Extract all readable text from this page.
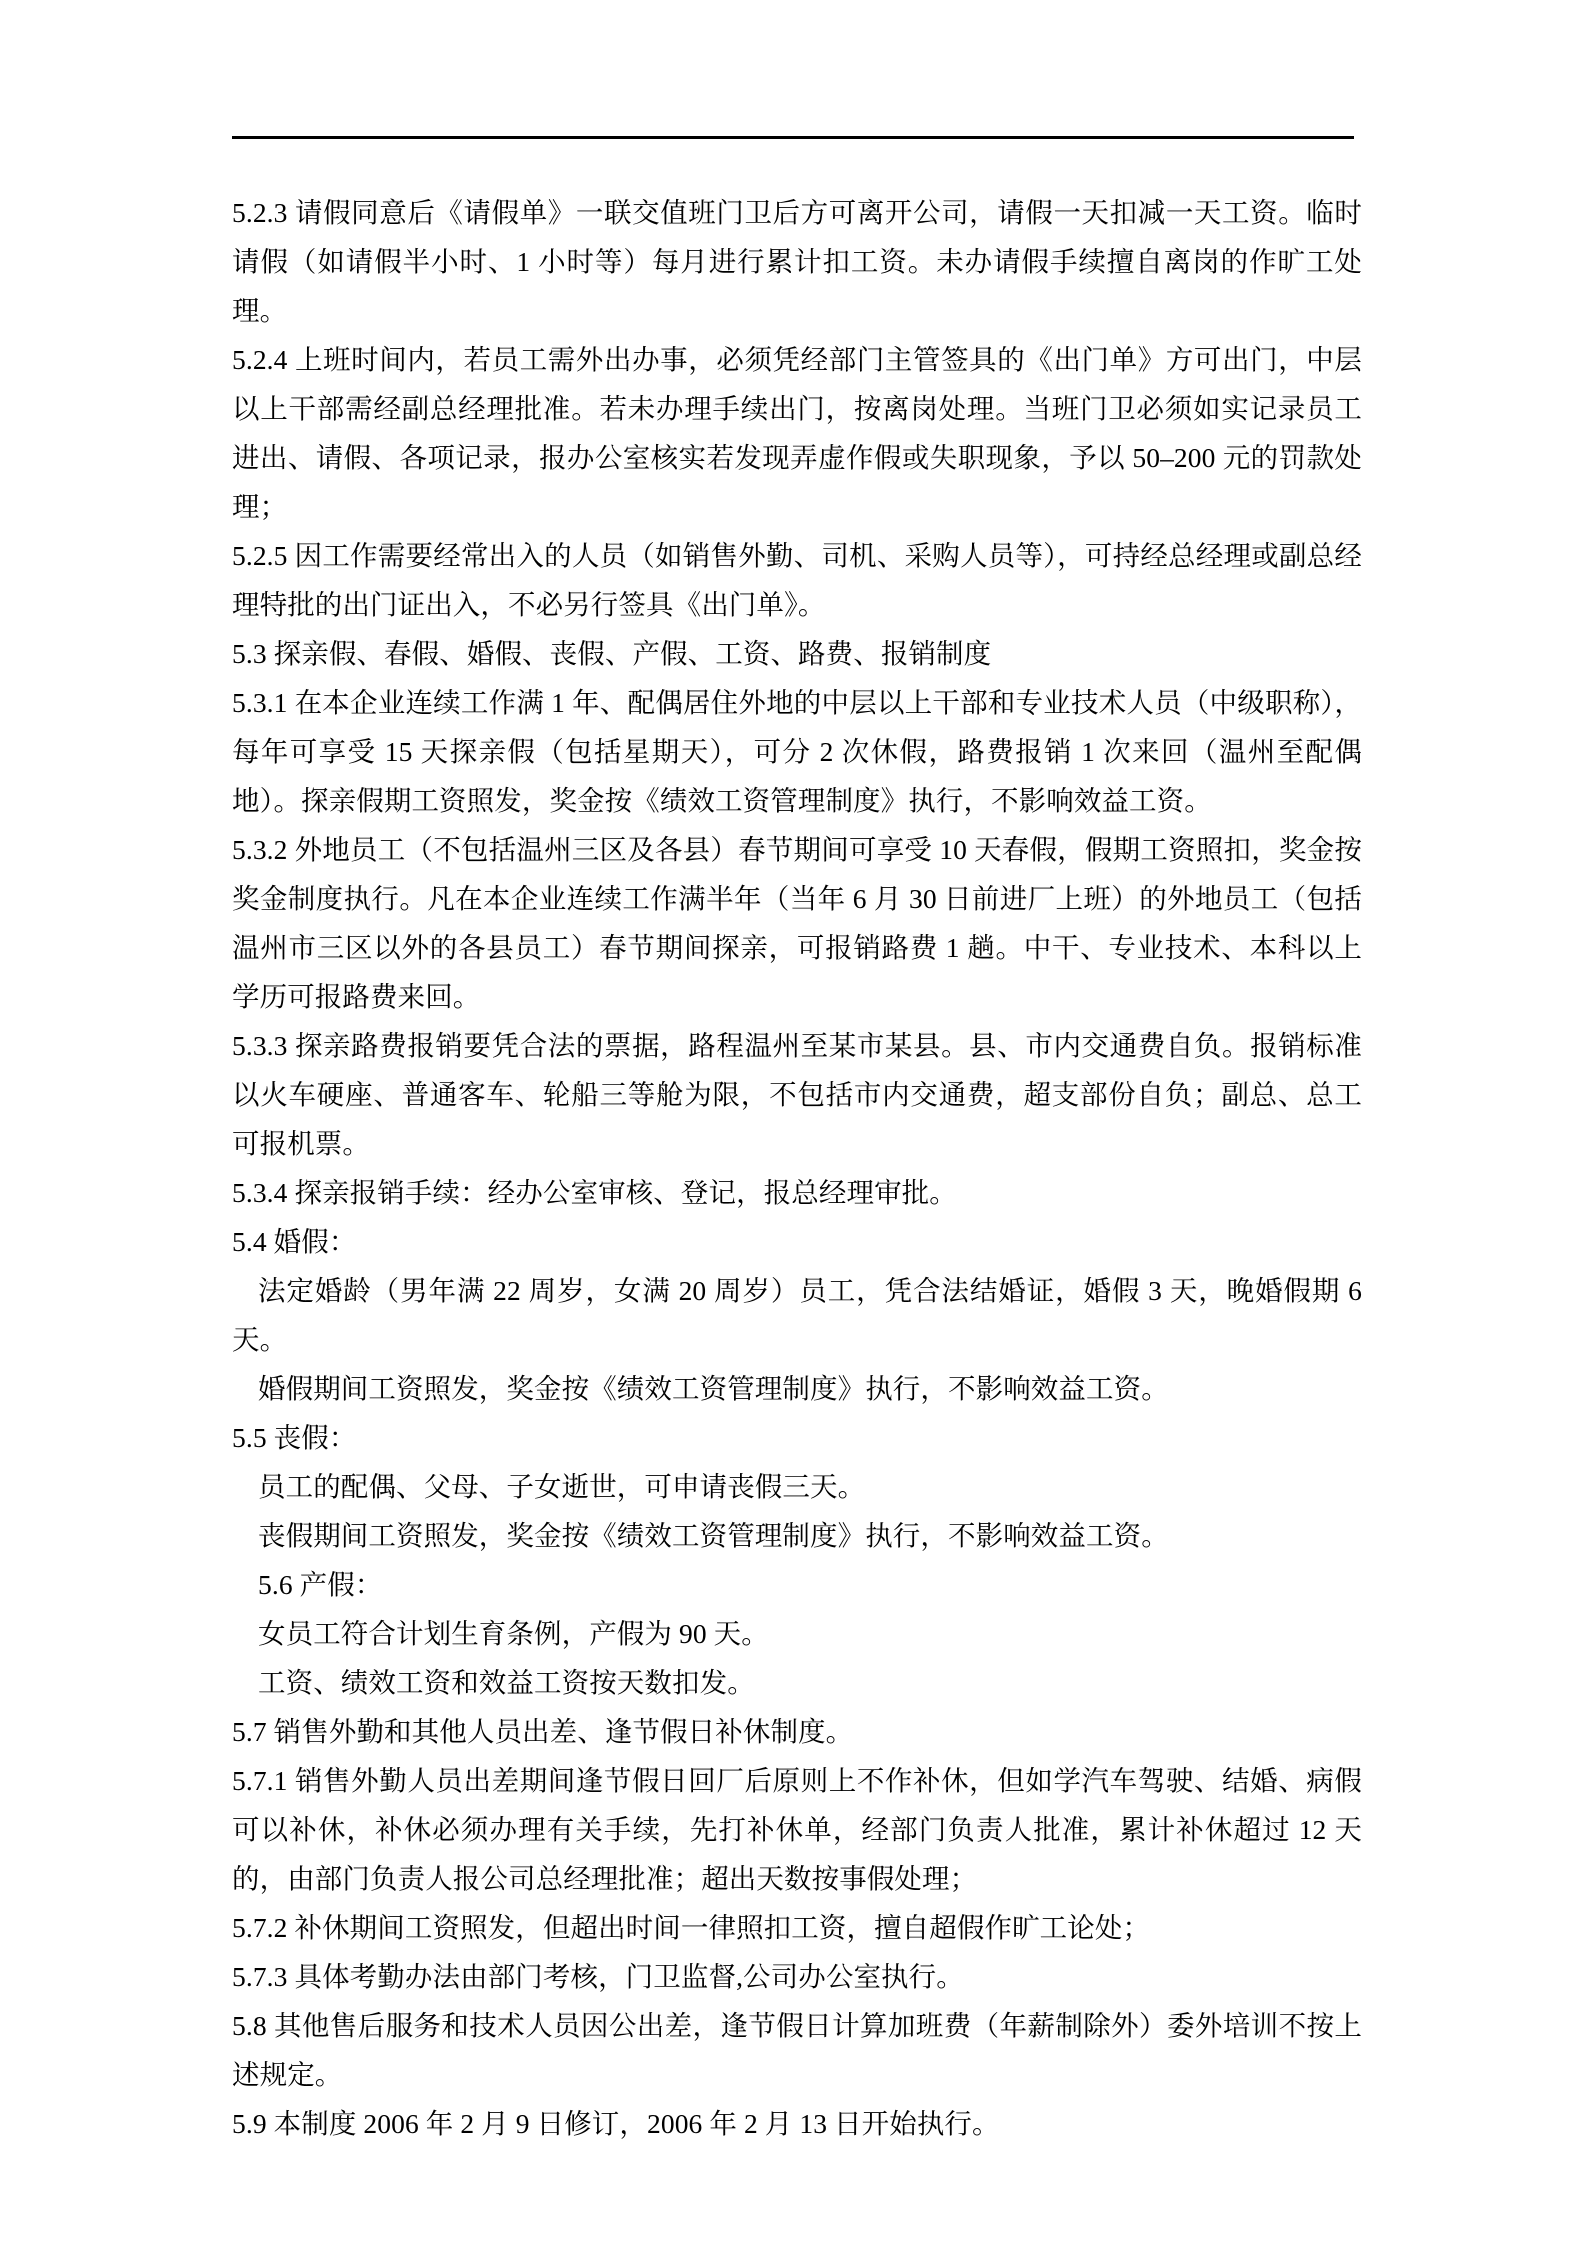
5.2.3 请假同意后《请假单》一联交值班门卫后方可离开公司，请假一天扣减一天工资。临时请假（如请假半小时、1 小时等）每月进行累计扣工资。未办请假手续擅自离岗的作旷工处理。

5.2.4 上班时间内，若员工需外出办事，必须凭经部门主管签具的《出门单》方可出门，中层以上干部需经副总经理批准。若未办理手续出门，按离岗处理。当班门卫必须如实记录员工进出、请假、各项记录，报办公室核实若发现弄虚作假或失职现象，予以 50–200 元的罚款处理；

5.2.5 因工作需要经常出入的人员（如销售外勤、司机、采购人员等），可持经总经理或副总经理特批的出门证出入，不必另行签具《出门单》。

5.3 探亲假、春假、婚假、丧假、产假、工资、路费、报销制度

5.3.1 在本企业连续工作满 1 年、配偶居住外地的中层以上干部和专业技术人员（中级职称），每年可享受 15 天探亲假（包括星期天），可分 2 次休假，路费报销 1 次来回（温州至配偶地）。探亲假期工资照发，奖金按《绩效工资管理制度》执行，不影响效益工资。

5.3.2 外地员工（不包括温州三区及各县）春节期间可享受 10 天春假，假期工资照扣，奖金按奖金制度执行。凡在本企业连续工作满半年（当年 6 月 30 日前进厂上班）的外地员工（包括温州市三区以外的各县员工）春节期间探亲，可报销路费 1 趟。中干、专业技术、本科以上学历可报路费来回。

5.3.3 探亲路费报销要凭合法的票据，路程温州至某市某县。县、市内交通费自负。报销标准以火车硬座、普通客车、轮船三等舱为限，不包括市内交通费，超支部份自负；副总、总工可报机票。

5.3.4 探亲报销手续：经办公室审核、登记，报总经理审批。

5.4 婚假：

法定婚龄（男年满 22 周岁，女满 20 周岁）员工，凭合法结婚证，婚假 3 天，晚婚假期 6 天。

婚假期间工资照发，奖金按《绩效工资管理制度》执行，不影响效益工资。

5.5 丧假：

员工的配偶、父母、子女逝世，可申请丧假三天。

丧假期间工资照发，奖金按《绩效工资管理制度》执行，不影响效益工资。

5.6 产假：

女员工符合计划生育条例，产假为 90 天。

工资、绩效工资和效益工资按天数扣发。

5.7 销售外勤和其他人员出差、逢节假日补休制度。

5.7.1 销售外勤人员出差期间逢节假日回厂后原则上不作补休，但如学汽车驾驶、结婚、病假可以补休，补休必须办理有关手续，先打补休单，经部门负责人批准，累计补休超过 12 天的，由部门负责人报公司总经理批准；超出天数按事假处理；

5.7.2 补休期间工资照发，但超出时间一律照扣工资，擅自超假作旷工论处；

5.7.3 具体考勤办法由部门考核，门卫监督,公司办公室执行。

5.8 其他售后服务和技术人员因公出差，逢节假日计算加班费（年薪制除外）委外培训不按上述规定。

5.9 本制度 2006 年 2 月 9 日修订，2006 年 2 月 13 日开始执行。
